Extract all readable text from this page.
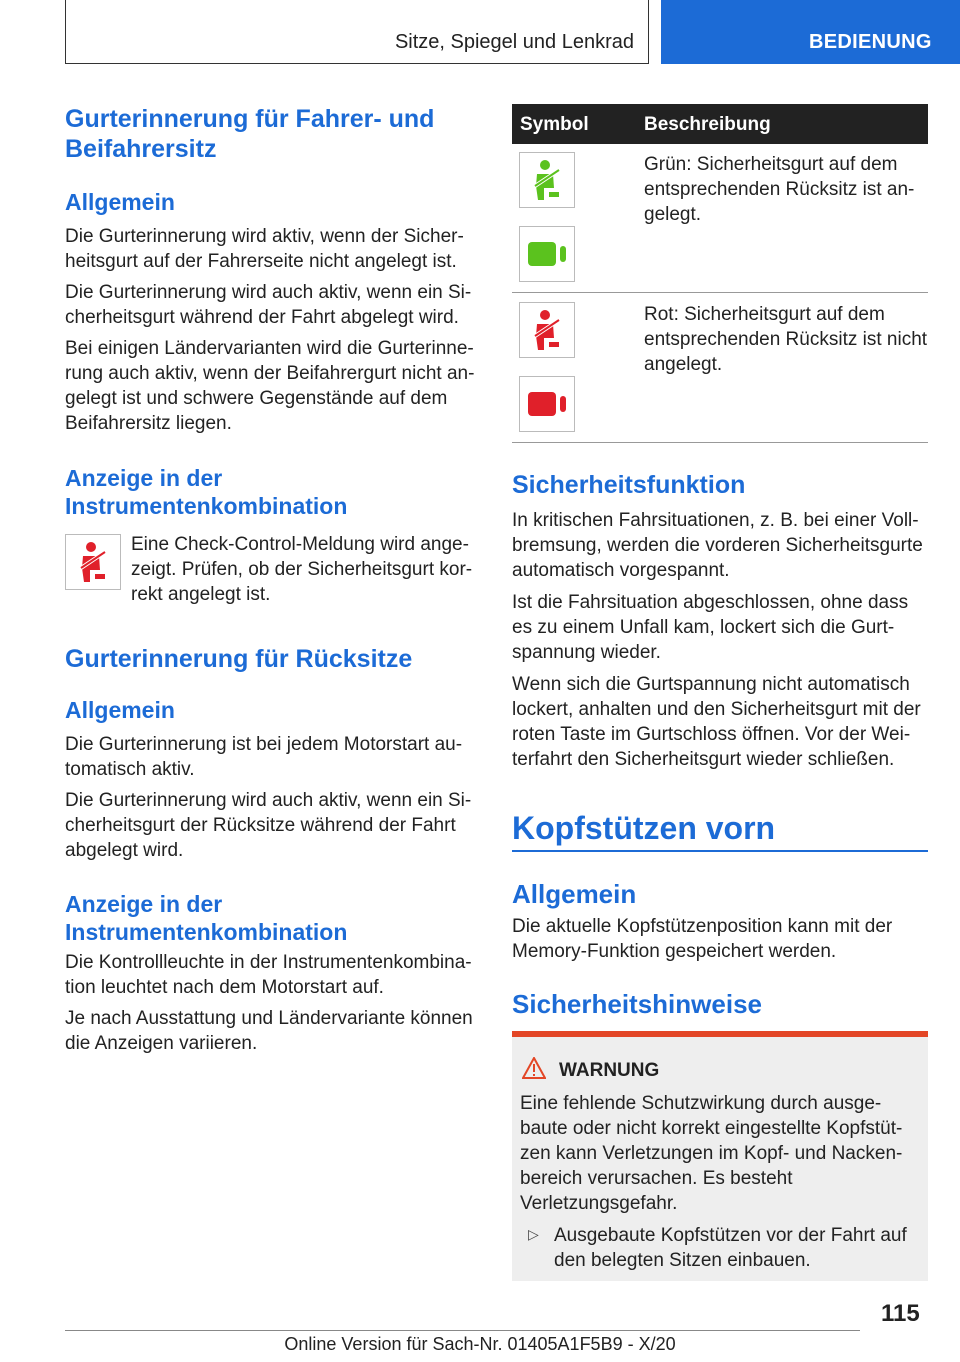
Sitze, Spiegel und Lenkrad	BEDIENUNG
Gurterinnerung für Fahrer- und Beifahrersitz
Allgemein

Die Gurterinnerung wird aktiv, wenn der Sicherheitsgurt auf der Fahrerseite nicht angelegt ist.

Die Gurterinnerung wird auch aktiv, wenn ein Sicherheitsgurt während der Fahrt abgelegt wird.

Bei einigen Ländervarianten wird die Gurterinnerung auch aktiv, wenn der Beifahrergurt nicht angelegt ist und schwere Gegenstände auf dem Beifahrersitz liegen.

Anzeige in der Instrumentenkombination

Eine Check-Control-Meldung wird angezeigt. Prüfen, ob der Sicherheitsgurt korrekt angelegt ist.

Gurterinnerung für Rücksitze
Allgemein

Die Gurterinnerung ist bei jedem Motorstart automatisch aktiv.

Die Gurterinnerung wird auch aktiv, wenn ein Sicherheitsgurt der Rücksitze während der Fahrt abgelegt wird.

Anzeige in der Instrumentenkombination

Die Kontrollleuchte in der Instrumentenkombination leuchtet nach dem Motorstart auf.

Je nach Ausstattung und Ländervariante können die Anzeigen variieren.

Symbol	Beschreibung

Grün: Sicherheitsgurt auf dem entsprechenden Rücksitz ist angelegt.

Rot: Sicherheitsgurt auf dem entsprechenden Rücksitz ist nicht angelegt.

Sicherheitsfunktion

In kritischen Fahrsituationen, z. B. bei einer Vollbremsung, werden die vorderen Sicherheitsgurte automatisch vorgespannt.

Ist die Fahrsituation abgeschlossen, ohne dass es zu einem Unfall kam, lockert sich die Gurtspannung wieder.

Wenn sich die Gurtspannung nicht automatisch lockert, anhalten und den Sicherheitsgurt mit der roten Taste im Gurtschloss öffnen. Vor der Weiterfahrt den Sicherheitsgurt wieder schließen.

Kopfstützen vorn
Allgemein

Die aktuelle Kopfstützenposition kann mit der Memory-Funktion gespeichert werden.

Sicherheitshinweise
WARNUNG

Eine fehlende Schutzwirkung durch ausgebaute oder nicht korrekt eingestellte Kopfstützen kann Verletzungen im Kopf- und Nackenbereich verursachen. Es besteht Verletzungsgefahr.

▷ Ausgebaute Kopfstützen vor der Fahrt auf den belegten Sitzen einbauen.

115
Online Version für Sach-Nr. 01405A1F5B9 - X/20
